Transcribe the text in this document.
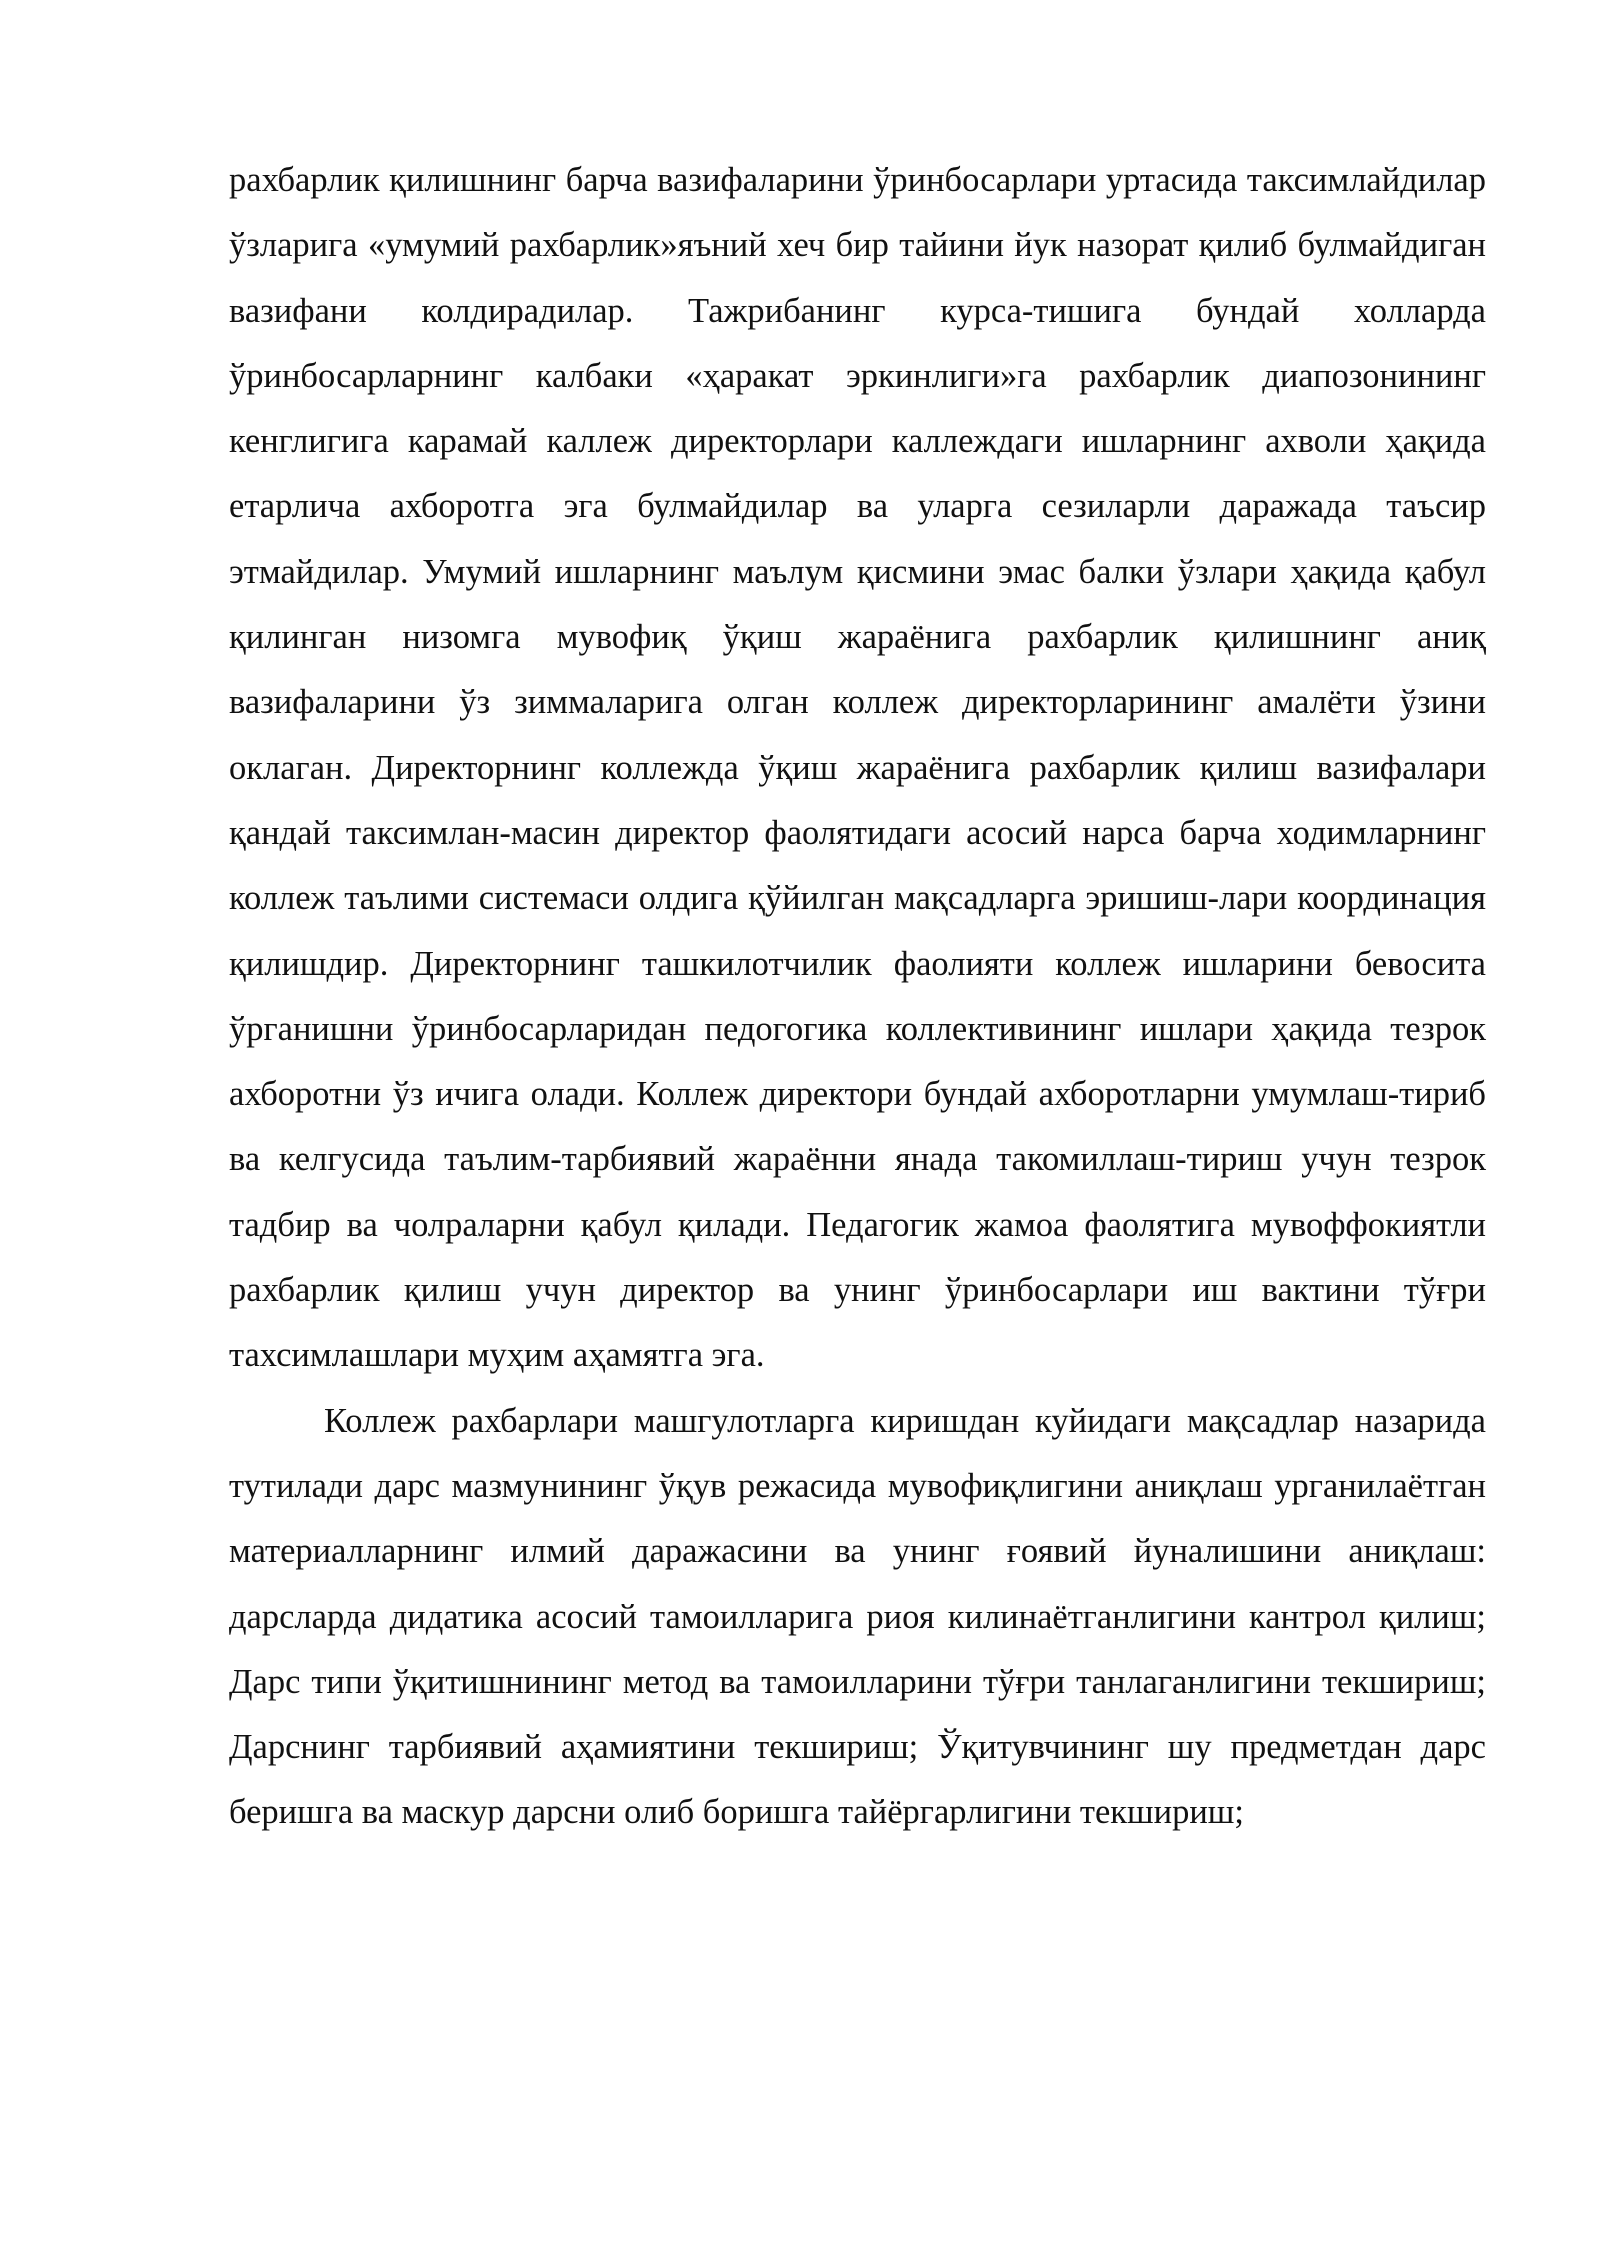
рахбарлик қилишнинг барча вазифаларини ўринбосарлари уртасида таксимлайдилар ўзларига «умумий рахбарлик»яъний хеч бир тайини йук назорат қилиб булмайдиган вазифани колдирадилар. Тажрибанинг курса-тишига бундай холларда ўринбосарларнинг калбаки «ҳаракат эркинлиги»га рахбарлик диапозонининг кенглигига карамай каллеж директорлари каллеждаги ишларнинг ахволи ҳақида етарлича ахборотга эга булмайдилар ва уларга сезиларли даражада таъсир этмайдилар. Умумий ишларнинг маълум қисмини эмас балки ўзлари ҳақида қабул қилинган низомга мувофиқ ўқиш жараёнига рахбарлик қилишнинг аниқ вазифаларини ўз зиммаларига олган коллеж директорларининг амалёти ўзини оклаган. Директорнинг коллежда ўқиш жараёнига рахбарлик қилиш вазифалари қандай таксимлан-масин директор фаолятидаги асосий нарса барча ходимларнинг коллеж таълими системаси олдига қўйилган мақсадларга эришиш-лари координация қилишдир. Директорнинг ташкилотчилик фаолияти коллеж ишларини бевосита ўрганишни ўринбосарларидан педогогика коллективининг ишлари ҳақида тезрок ахборотни ўз ичига олади. Коллеж директори бундай ахборотларни умумлаш-тириб ва келгусида таълим-тарбиявий жараённи янада такомиллаш-тириш учун тезрок тадбир ва чолраларни қабул қилади. Педагогик жамоа фаолятига мувоффокиятли рахбарлик қилиш учун директор ва унинг ўринбосарлари иш вактини тўғри тахсимлашлари муҳим аҳамятга эга.

Коллеж рахбарлари машгулотларга киришдан куйидаги мақсадлар назарида тутилади дарс мазмунининг ўқув режасида мувофиқлигини аниқлаш урганилаётган материалларнинг илмий даражасини ва унинг ғоявий йуналишини аниқлаш: дарсларда дидатика асосий тамоилларига риоя килинаётганлигини кантрол қилиш; Дарс типи ўқитишнининг метод ва тамоилларини тўғри танлаганлигини текшириш; Дарснинг тарбиявий аҳамиятини текшириш; Ўқитувчининг шу предметдан дарс беришга ва маскур дарсни олиб боришга тайёргарлигини текшириш;
